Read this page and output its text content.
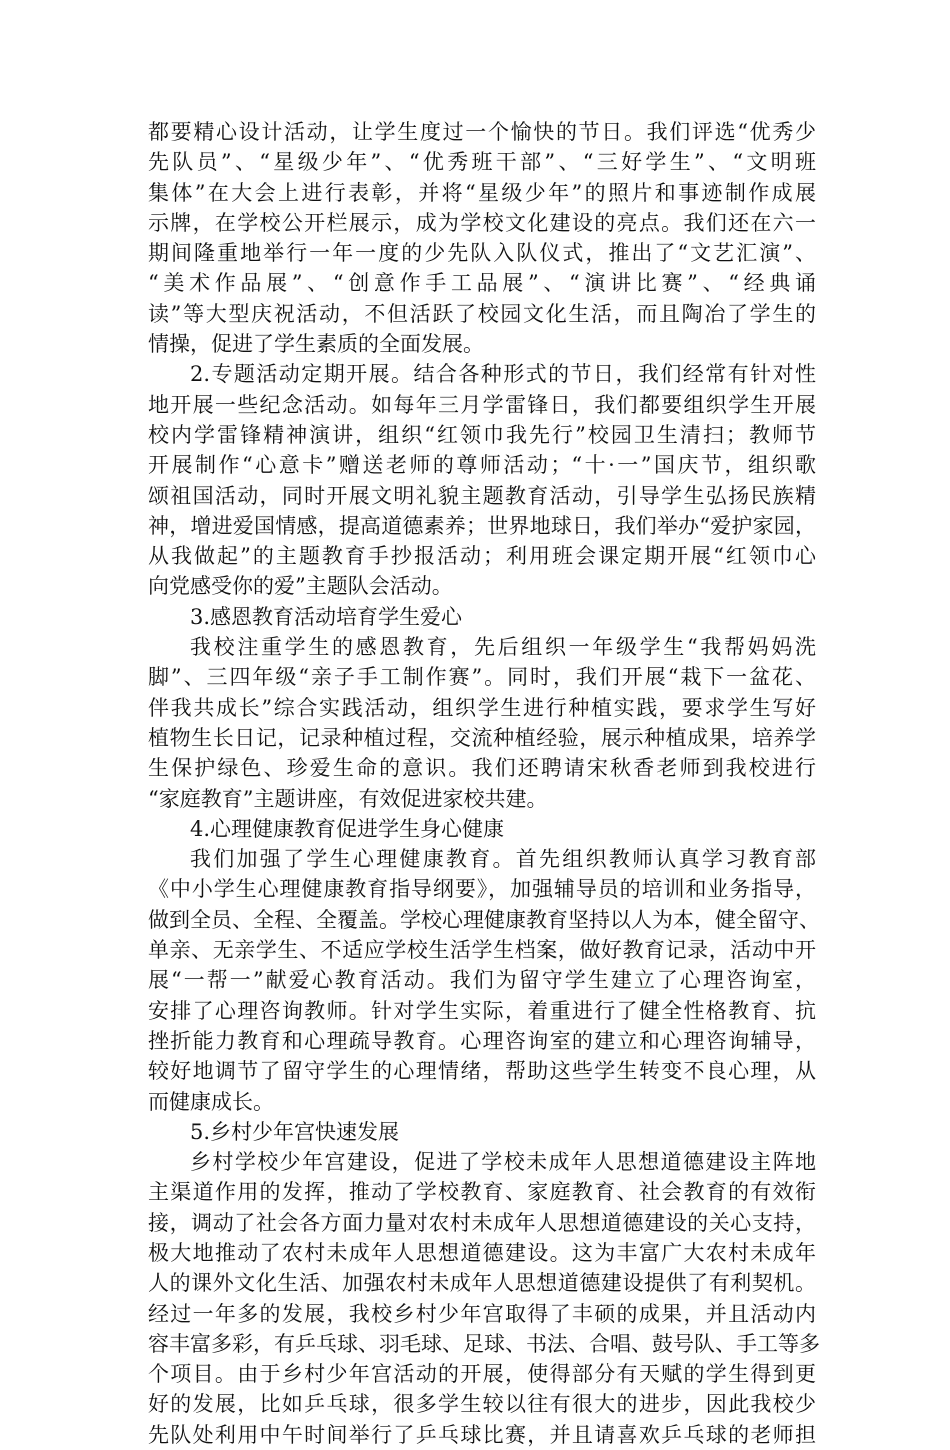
都要精心设计活动，让学生度过一个愉快的节日。我们评选“优秀少
先队员”、“星级少年”、“优秀班干部”、“三好学生”、“文明班
集体”在大会上进行表彰，并将“星级少年”的照片和事迹制作成展
示牌，在学校公开栏展示，成为学校文化建设的亮点。我们还在六一
期间隆重地举行一年一度的少先队入队仪式，推出了“文艺汇演”、
“美术作品展”、“创意作手工品展”、“演讲比赛”、“经典诵
读”等大型庆祝活动，不但活跃了校园文化生活，而且陶冶了学生的
情操，促进了学生素质的全面发展。
2.专题活动定期开展。结合各种形式的节日，我们经常有针对性
地开展一些纪念活动。如每年三月学雷锋日，我们都要组织学生开展
校内学雷锋精神演讲，组织“红领巾我先行”校园卫生清扫；教师节
开展制作“心意卡”赠送老师的尊师活动；“十·一”国庆节，组织歌
颂祖国活动，同时开展文明礼貌主题教育活动，引导学生弘扬民族精
神，增进爱国情感，提高道德素养；世界地球日，我们举办“爱护家园，
从我做起”的主题教育手抄报活动；利用班会课定期开展“红领巾心
向党感受你的爱”主题队会活动。
3.感恩教育活动培育学生爱心
我校注重学生的感恩教育，先后组织一年级学生“我帮妈妈洗
脚”、三四年级“亲子手工制作赛”。同时，我们开展“栽下一盆花、
伴我共成长”综合实践活动，组织学生进行种植实践，要求学生写好
植物生长日记，记录种植过程，交流种植经验，展示种植成果，培养学
生保护绿色、珍爱生命的意识。我们还聘请宋秋香老师到我校进行
“家庭教育”主题讲座，有效促进家校共建。
4.心理健康教育促进学生身心健康
我们加强了学生心理健康教育。首先组织教师认真学习教育部
《中小学生心理健康教育指导纲要》，加强辅导员的培训和业务指导，
做到全员、全程、全覆盖。学校心理健康教育坚持以人为本，健全留守、
单亲、无亲学生、不适应学校生活学生档案，做好教育记录，活动中开
展“一帮一”献爱心教育活动。我们为留守学生建立了心理咨询室，
安排了心理咨询教师。针对学生实际，着重进行了健全性格教育、抗
挫折能力教育和心理疏导教育。心理咨询室的建立和心理咨询辅导，
较好地调节了留守学生的心理情绪，帮助这些学生转变不良心理，从
而健康成长。
5.乡村少年宫快速发展
乡村学校少年宫建设，促进了学校未成年人思想道德建设主阵地
主渠道作用的发挥，推动了学校教育、家庭教育、社会教育的有效衔
接，调动了社会各方面力量对农村未成年人思想道德建设的关心支持，
极大地推动了农村未成年人思想道德建设。这为丰富广大农村未成年
人的课外文化生活、加强农村未成年人思想道德建设提供了有利契机。
经过一年多的发展，我校乡村少年宫取得了丰硕的成果，并且活动内
容丰富多彩，有乒乓球、羽毛球、足球、书法、合唱、鼓号队、手工等多
个项目。由于乡村少年宫活动的开展，使得部分有天赋的学生得到更
好的发展，比如乒乓球，很多学生较以往有很大的进步，因此我校少
先队处利用中午时间举行了乒乓球比赛，并且请喜欢乒乓球的老师担
